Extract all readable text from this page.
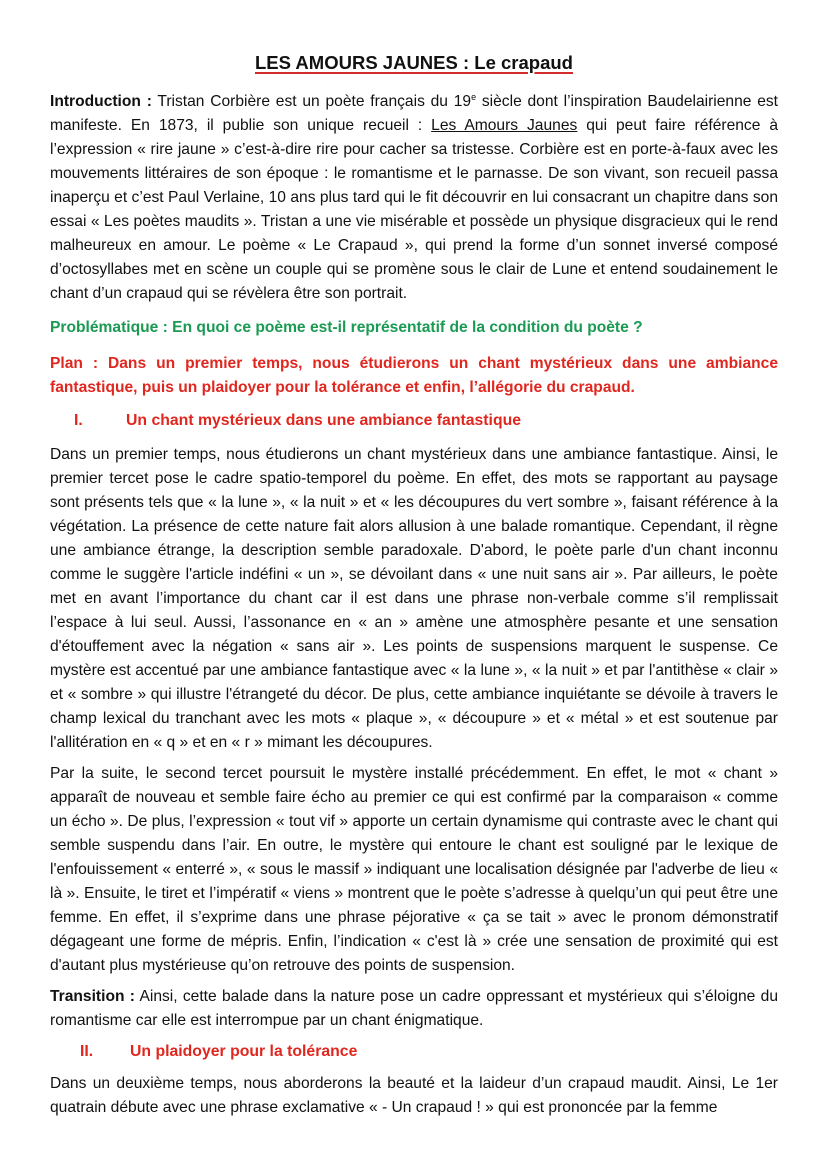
LES AMOURS JAUNES : Le crapaud
Introduction : Tristan Corbière est un poète français du 19e siècle dont l’inspiration Baudelairienne est manifeste. En 1873, il publie son unique recueil : Les Amours Jaunes qui peut faire référence à l’expression « rire jaune » c’est-à-dire rire pour cacher sa tristesse. Corbière est en porte-à-faux avec les mouvements littéraires de son époque : le romantisme et le parnasse. De son vivant, son recueil passa inaperçu et c’est Paul Verlaine, 10 ans plus tard qui le fit découvrir en lui consacrant un chapitre dans son essai « Les poètes maudits ». Tristan a une vie misérable et possède un physique disgracieux qui le rend malheureux en amour. Le poème « Le Crapaud », qui prend la forme d’un sonnet inversé composé d’octosyllabes met en scène un couple qui se promène sous le clair de Lune et entend soudainement le chant d’un crapaud qui se révèlera être son portrait.
Problématique : En quoi ce poème est-il représentatif de la condition du poète ?
Plan : Dans un premier temps, nous étudierons un chant mystérieux dans une ambiance fantastique, puis un plaidoyer pour la tolérance et enfin, l’allégorie du crapaud.
I.	Un chant mystérieux dans une ambiance fantastique
Dans un premier temps, nous étudierons un chant mystérieux dans une ambiance fantastique. Ainsi, le premier tercet pose le cadre spatio-temporel du poème. En effet, des mots se rapportant au paysage sont présents tels que « la lune », « la nuit » et « les découpures du vert sombre », faisant référence à la végétation. La présence de cette nature fait alors allusion à une balade romantique. Cependant, il règne une ambiance étrange, la description semble paradoxale. D'abord, le poète parle d'un chant inconnu comme le suggère l'article indéfini « un », se dévoilant dans « une nuit sans air ». Par ailleurs, le poète met en avant l’importance du chant car il est dans une phrase non-verbale comme s’il remplissait l’espace à lui seul. Aussi, l’assonance en « an » amène une atmosphère pesante et une sensation d'étouffement avec la négation « sans air ». Les points de suspensions marquent le suspense. Ce mystère est accentué par une ambiance fantastique avec « la lune », « la nuit » et par l'antithèse « clair » et « sombre » qui illustre l'étrangeté du décor. De plus, cette ambiance inquiétante se dévoile à travers le champ lexical du tranchant avec les mots « plaque », « découpure » et « métal » et est soutenue par l'allitération en « q » et en « r » mimant les découpures.
Par la suite, le second tercet poursuit le mystère installé précédemment. En effet, le mot « chant » apparaît de nouveau et semble faire écho au premier ce qui est confirmé par la comparaison « comme un écho ». De plus, l’expression « tout vif » apporte un certain dynamisme qui contraste avec le chant qui semble suspendu dans l’air. En outre, le mystère qui entoure le chant est souligné par le lexique de l'enfouissement « enterré », « sous le massif » indiquant une localisation désignée par l'adverbe de lieu « là ». Ensuite, le tiret et l’impératif « viens » montrent que le poète s’adresse à quelqu’un qui peut être une femme. En effet, il s’exprime dans une phrase péjorative « ça se tait » avec le pronom démonstratif dégageant une forme de mépris. Enfin, l’indication « c'est là » crée une sensation de proximité qui est d'autant plus mystérieuse qu’on retrouve des points de suspension.
Transition : Ainsi, cette balade dans la nature pose un cadre oppressant et mystérieux qui s’éloigne du romantisme car elle est interrompue par un chant énigmatique.
II. Un plaidoyer pour la tolérance
Dans un deuxième temps, nous aborderons la beauté et la laideur d’un crapaud maudit. Ainsi, Le 1er quatrain débute avec une phrase exclamative « - Un crapaud ! » qui est prononcée par la femme
